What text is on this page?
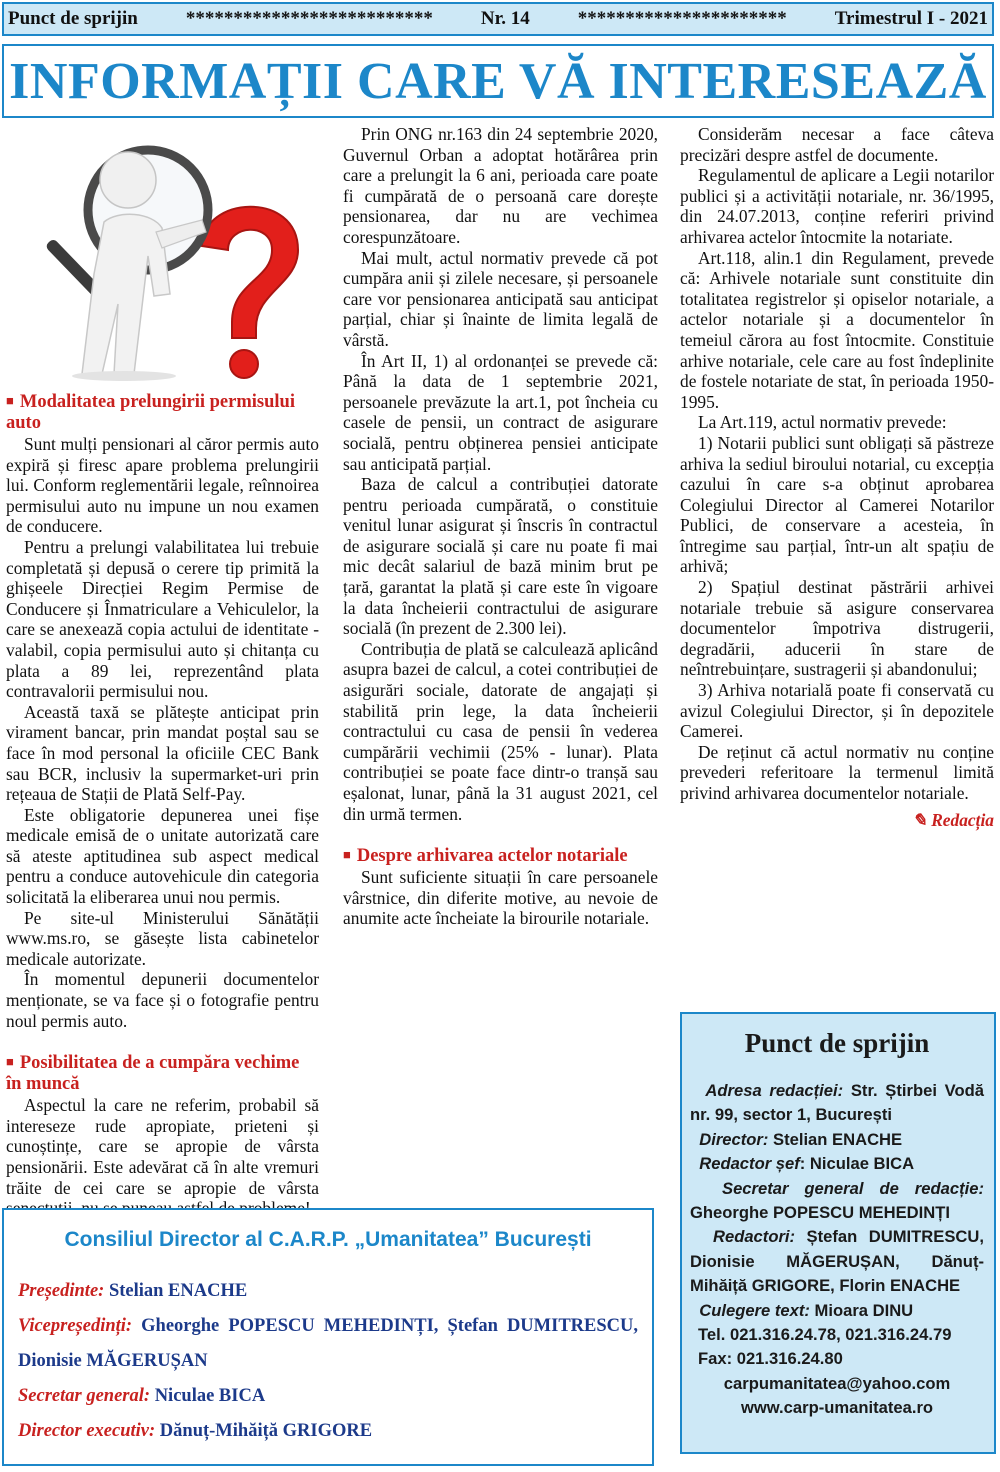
Punct de sprijin	**************************	Nr. 14	**********************	Trimestrul I - 2021
INFORMAȚII CARE VĂ INTERESEAZĂ
■ Modalitatea prelungirii permisului auto

Sunt mulți pensionari al căror permis auto expiră și firesc apare problema prelungirii lui. Conform reglementării legale, reînnoirea permisului auto nu impune un nou examen de conducere.

Pentru a prelungi valabilitatea lui trebuie completată și depusă o cerere tip primită la ghișeele Direcției Regim Permise de Conducere și Înmatriculare a Vehiculelor, la care se anexează copia actului de identitate - valabil, copia permisului auto și chitanța cu plata a 89 lei, reprezentând plata contravalorii permisului nou.

Această taxă se plătește anticipat prin virament bancar, prin mandat poștal sau se face în mod personal la oficiile CEC Bank sau BCR, inclusiv la supermarket-uri prin rețeaua de Stații de Plată Self-Pay.

Este obligatorie depunerea unei fișe medicale emisă de o unitate autorizată care să ateste aptitudinea sub aspect medical pentru a conduce autovehicule din categoria solicitată la eliberarea unui nou permis.

Pe site-ul Ministerului Sănătății www.ms.ro, se găsește lista cabinetelor medicale autorizate.

În momentul depunerii documentelor menționate, se va face și o fotografie pentru noul permis auto.

■ Posibilitatea de a cumpăra vechime în muncă

Aspectul la care ne referim, probabil să intereseze rude apropiate, prieteni și cunoștințe, care se apropie de vârsta pensionării. Este adevărat că în alte vremuri trăite de cei care se apropie de vârsta

Prin ONG nr.163 din 24 septembrie 2020, Guvernul Orban a adoptat hotărârea prin care a prelungit la 6 ani, perioada care poate fi cumpărată de o persoană care dorește pensionarea, dar nu are vechimea corespunzătoare.

Mai mult, actul normativ prevede că pot cumpăra anii și zilele necesare, și persoanele care vor pensionarea anticipată sau anticipat parțial, chiar și înainte de limita legală de vârstă.

În Art II, 1) al ordonanței se prevede că: Până la data de 1 septembrie 2021, persoanele prevăzute la art.1, pot încheia cu casele de pensii, un contract de asigurare socială, pentru obținerea pensiei anticipate sau anticipată parțial.

Baza de calcul a contribuției datorate pentru perioada cumpărată, o constituie venitul lunar asigurat și înscris în contractul de asigurare socială și care nu poate fi mai mic decât salariul de bază minim brut pe țară, garantat la plată și care este în vigoare la data încheierii contractului de asigurare socială (în prezent de 2.300 lei).

Contribuția de plată se calculează aplicând asupra bazei de calcul, a cotei contribuției de asigurări sociale, datorate de angajați și stabilită prin lege, la data încheierii contractului cu casa de pensii în vederea cumpărării vechimii (25% - lunar). Plata contribuției se poate face dintr-o tranșă sau eșalonat, lunar, până la 31 august 2021, cel din urmă termen.

■ Despre arhivarea actelor notariale

Sunt suficiente situații în care persoanele vârstnice, din diferite motive, au nevoie de anumite acte încheiate la birourile notariale.

Considerăm necesar a face câteva precizări despre astfel de documente.

Regulamentul de aplicare a Legii notarilor publici și a activității notariale, nr. 36/1995, din 24.07.2013, conține referiri privind arhivarea actelor întocmite la notariate.

Art.118, alin.1 din Regulament, prevede că: Arhivele notariale sunt constituite din totalitatea registrelor și opiselor notariale, a actelor notariale și a documentelor în temeiul cărora au fost întocmite. Constituie arhive notariale, cele care au fost îndeplinite de fostele notariate de stat, în perioada 1950-1995.

La Art.119, actul normativ prevede:

1) Notarii publici sunt obligați să păstreze arhiva la sediul biroului notarial, cu excepția cazului în care s-a obținut aprobarea Colegiului Director al Camerei Notarilor Publici, de conservare a acesteia, în întregime sau parțial, într-un alt spațiu de arhivă;

2) Spațiul destinat păstrării arhivei notariale trebuie să asigure conservarea documentelor împotriva distrugerii, degradării, aducerii în stare de neîntrebuințare, sustragerii și abandonului;

3) Arhiva notarială poate fi conservată cu avizul Colegiului Director, și în depozitele Camerei.

De reținut că actul normativ nu conține prevederi referitoare la termenul limită privind arhivarea documentelor notariale.

✎ Redacția
Consiliul Director al C.A.R.P. „Umanitatea” București
Președinte: Stelian ENACHE
Vicepreședinți: Gheorghe POPESCU MEHEDINȚI, Ștefan DUMITRESCU, Dionisie MĂGERUȘAN
Secretar general: Niculae BICA
Director executiv: Dănuț-Mihăiță GRIGORE
Punct de sprijin
Adresa redacției: Str. Știrbei Vodă nr. 99, sector 1, București
Director: Stelian ENACHE
Redactor șef: Niculae BICA
Secretar general de redacție: Gheorghe POPESCU MEHEDINȚI
Redactori: Ștefan DUMITRESCU, Dionisie MĂGERUȘAN, Dănuț-Mihăiță GRIGORE, Florin ENACHE
Culegere text: Mioara DINU
Tel. 021.316.24.78, 021.316.24.79
Fax: 021.316.24.80
carpumanitatea@yahoo.com
www.carp-umanitatea.ro
